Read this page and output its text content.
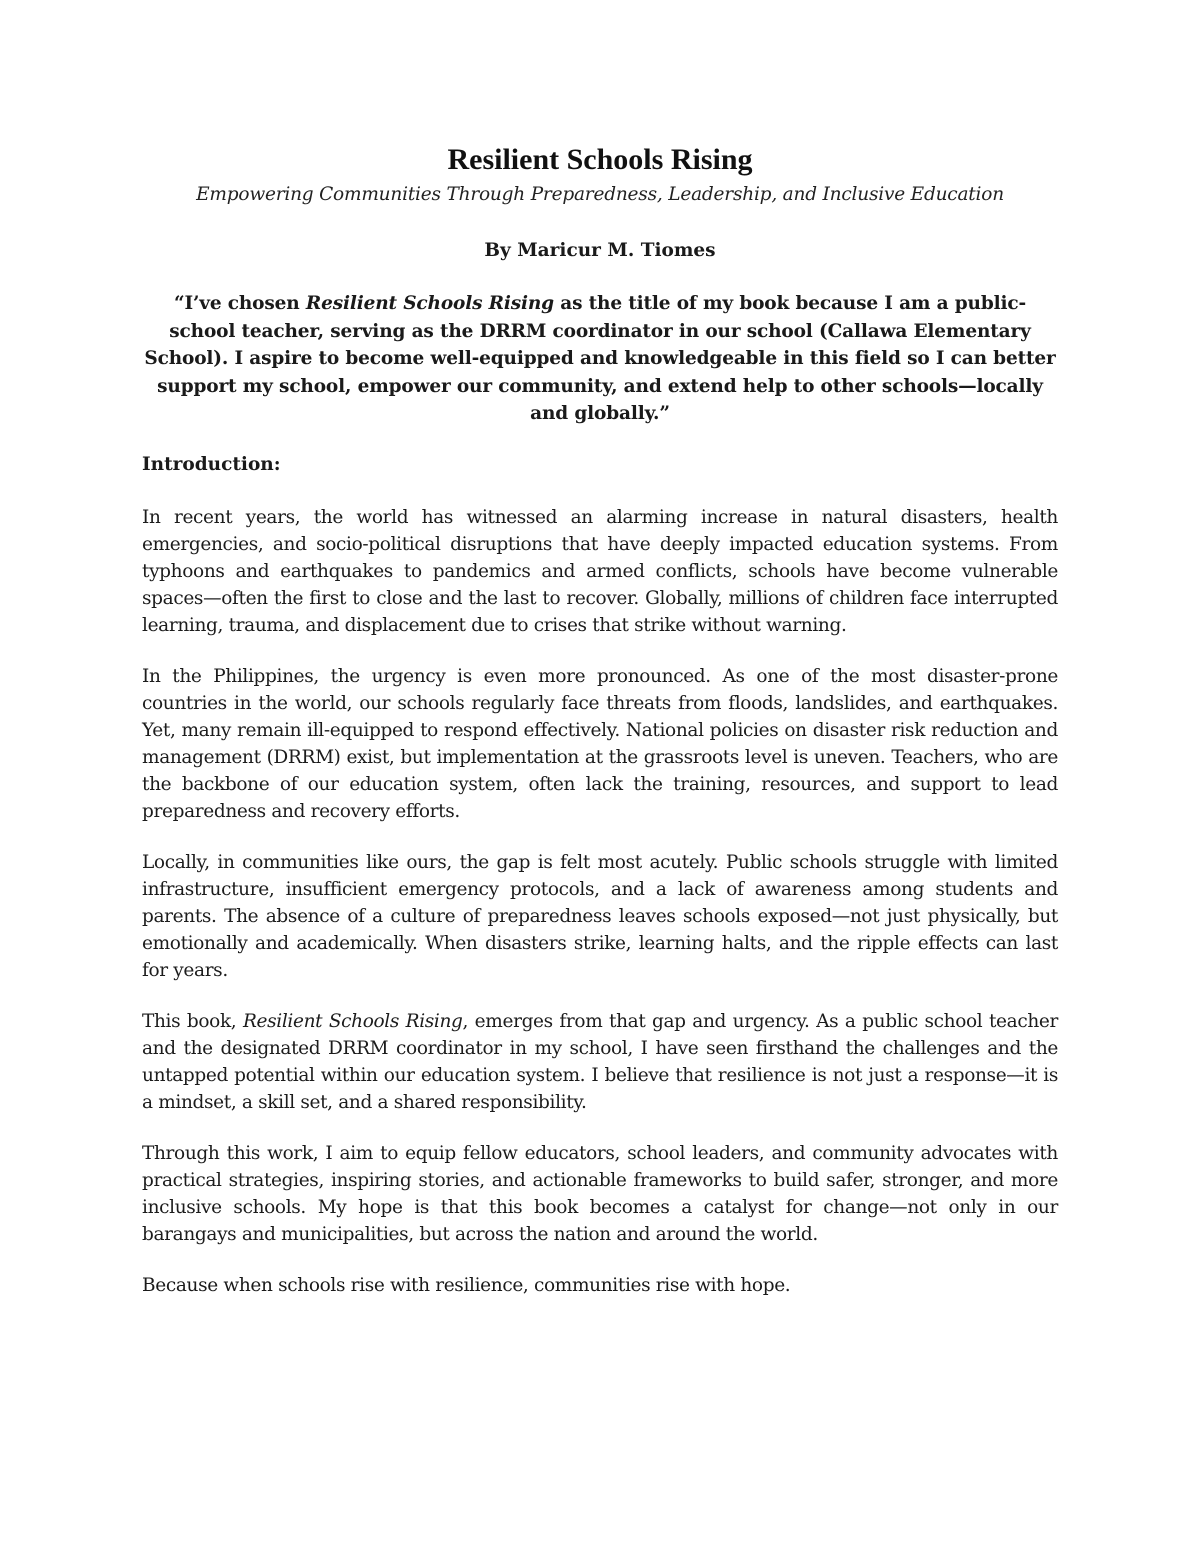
Resilient Schools Rising

Empowering Communities Through Preparedness, Leadership, and Inclusive Education

By Maricur M. Tiomes

“I’ve chosen Resilient Schools Rising as the title of my book because I am a public-school teacher, serving as the DRRM coordinator in our school (Callawa Elementary School). I aspire to become well-equipped and knowledgeable in this field so I can better support my school, empower our community, and extend help to other schools—locally and globally.”

Introduction:

In recent years, the world has witnessed an alarming increase in natural disasters, health emergencies, and socio-political disruptions that have deeply impacted education systems. From typhoons and earthquakes to pandemics and armed conflicts, schools have become vulnerable spaces—often the first to close and the last to recover. Globally, millions of children face interrupted learning, trauma, and displacement due to crises that strike without warning.

In the Philippines, the urgency is even more pronounced. As one of the most disaster-prone countries in the world, our schools regularly face threats from floods, landslides, and earthquakes. Yet, many remain ill-equipped to respond effectively. National policies on disaster risk reduction and management (DRRM) exist, but implementation at the grassroots level is uneven. Teachers, who are the backbone of our education system, often lack the training, resources, and support to lead preparedness and recovery efforts.

Locally, in communities like ours, the gap is felt most acutely. Public schools struggle with limited infrastructure, insufficient emergency protocols, and a lack of awareness among students and parents. The absence of a culture of preparedness leaves schools exposed—not just physically, but emotionally and academically. When disasters strike, learning halts, and the ripple effects can last for years.

This book, Resilient Schools Rising, emerges from that gap and urgency. As a public school teacher and the designated DRRM coordinator in my school, I have seen firsthand the challenges and the untapped potential within our education system. I believe that resilience is not just a response—it is a mindset, a skill set, and a shared responsibility.

Through this work, I aim to equip fellow educators, school leaders, and community advocates with practical strategies, inspiring stories, and actionable frameworks to build safer, stronger, and more inclusive schools. My hope is that this book becomes a catalyst for change—not only in our barangays and municipalities, but across the nation and around the world.

Because when schools rise with resilience, communities rise with hope.
